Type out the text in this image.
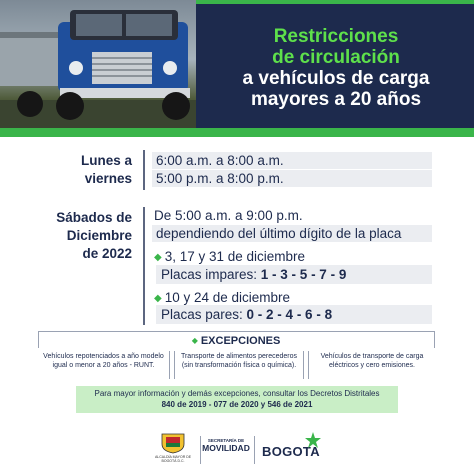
Restricciones
de circulación
a vehículos de carga
mayores a 20 años
Lunes a
viernes
6:00 a.m. a 8:00 a.m.
5:00 p.m. a 8:00 p.m.
Sábados de
Diciembre
de 2022
De 5:00 a.m. a 9:00 p.m.
dependiendo del último dígito de la placa
◆ 3, 17 y 31 de diciembre
Placas impares: 1 - 3 - 5 - 7 - 9
◆ 10 y 24 de diciembre
Placas pares: 0 - 2 - 4 - 6 - 8
◆ EXCEPCIONES
Vehículos repotenciados a año modelo igual o menor a 20 años - RUNT.
Transporte de alimentos perecederos (sin transformación física o química).
Vehículos de transporte de carga eléctricos y cero emisiones.
Para mayor información y demás excepciones, consultar los Decretos Distritales
840 de 2019 - 077 de 2020 y 546 de 2021
ALCALDÍA MAYOR DE BOGOTÁ D.C.
SECRETARÍA DE
MOVILIDAD BOGOTA
